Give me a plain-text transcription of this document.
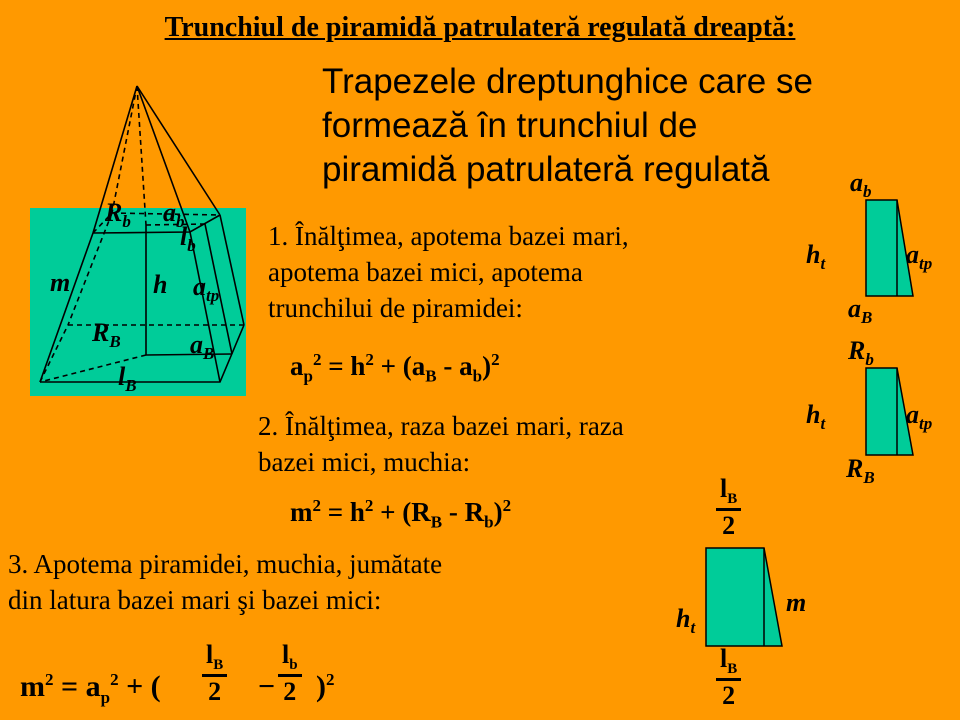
Trunchiul de piramidă patrulateră regulată dreaptă:
Trapezele dreptunghice care se
formează în trunchiul de
piramidă patrulateră regulată
$R_b$ $a_b$
$l_b$
m	h $a_{tp}$
$R_B$	$a_B$
$l_B$
1. Înălţimea, apotema bazei mari,
apotema bazei mici, apotema
trunchilui de piramidei:
$a_p^2 = h^2 + (a_B - a_b)^2$
2. Înălţimea, raza bazei mari, raza
bazei mici, muchia:
$m^2 = h^2 + (R_B - R_b)^2$
3. Apotema piramidei, muchia, jumătate
din latura bazei mari şi bazei mici:
$m^2 = a_p^2$ + ( $\frac{l_B}{2} - \frac{l_b}{2} )^2$
$a_b$
$h_t$	$a_{tp}$
$a_B$
$R_b$
$h_t$	$a_{tp}$
$R_B$
$\frac{l_B}{2}$
$h_t$
m
$\frac{l_B}{2}$
